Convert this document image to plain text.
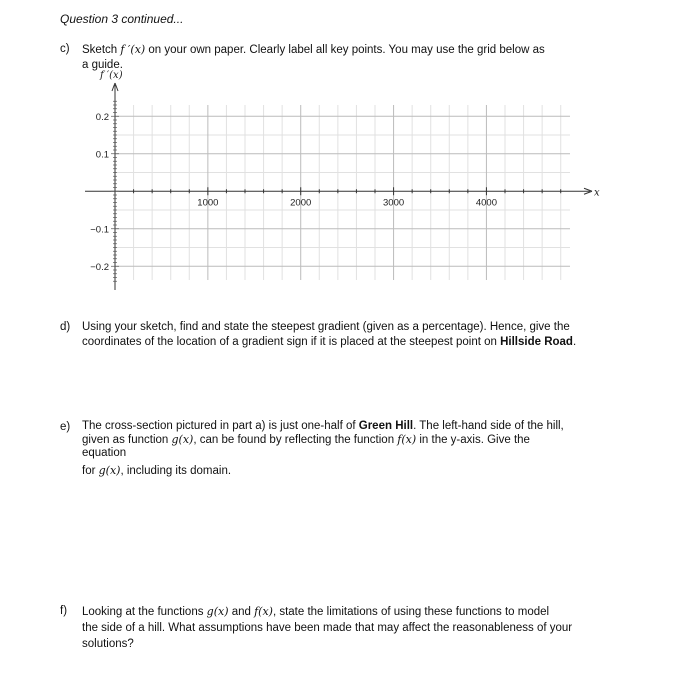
Question 3 continued...
c) Sketch f ′(x) on your own paper. Clearly label all key points. You may use the grid below as
a guide.
1000	2000	3000	4000
0.2
0.1
−0.1
−0.2
f ′(x)
x
d) Using your sketch, find and state the steepest gradient (given as a percentage). Hence, give the
coordinates of the location of a gradient sign if it is placed at the steepest point on Hillside Road.
e) The cross-section pictured in part a) is just one-half of Green Hill. The left-hand side of the hill,
given as function g(x), can be found by reflecting the function f(x) in the y-axis. Give the
equation
for g(x), including its domain.
f) Looking at the functions g(x) and f(x), state the limitations of using these functions to model
the side of a hill. What assumptions have been made that may affect the reasonableness of your
solutions?
